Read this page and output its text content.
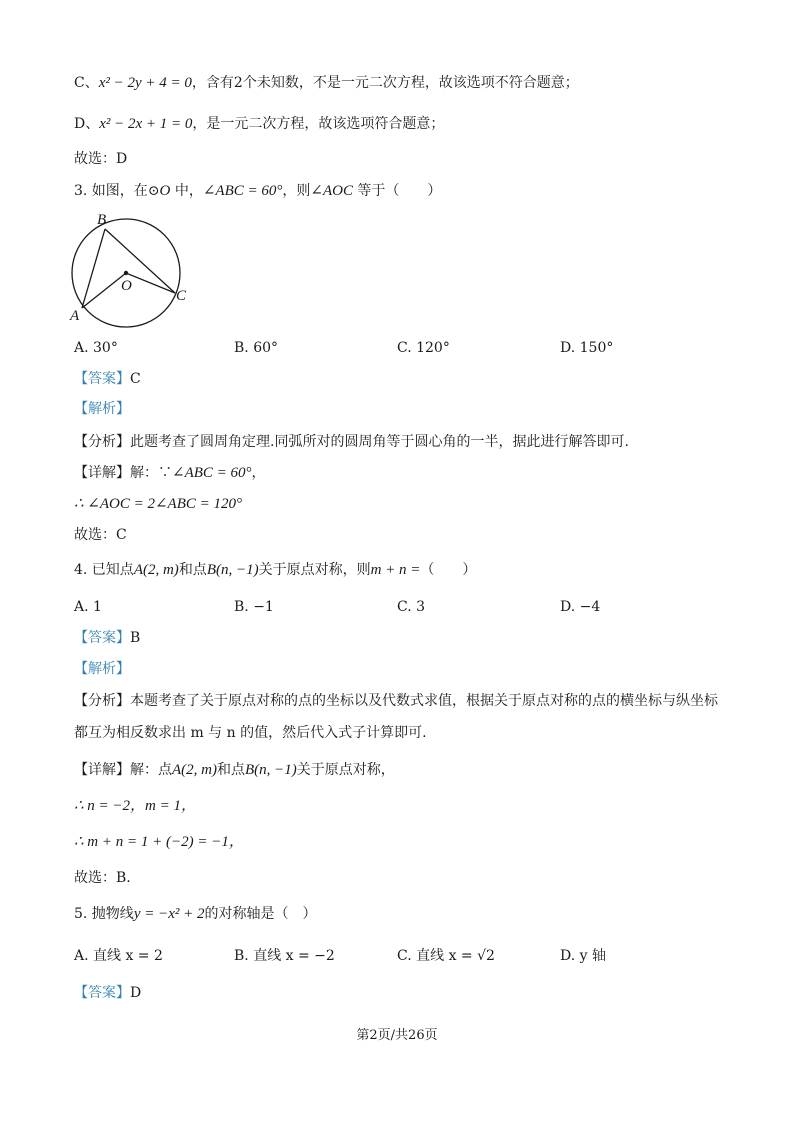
C、x² − 2y + 4 = 0，含有2个未知数，不是一元二次方程，故该选项不符合题意；
D、x² − 2x + 1 = 0，是一元二次方程，故该选项符合题意；
故选：D
3. 如图，在⊙O 中，∠ABC = 60°，则∠AOC 等于（　　）
B
O
A
C
A. 30°	B. 60°	C. 120°	D. 150°
【答案】C
【解析】
【分析】此题考查了圆周角定理.同弧所对的圆周角等于圆心角的一半，据此进行解答即可.
【详解】解：∵∠ABC = 60°，
∴ ∠AOC = 2∠ABC = 120°
故选：C
4. 已知点A(2, m)和点B(n, −1)关于原点对称，则m + n =（　　）
A. 1	B. −1	C. 3	D. −4
【答案】B
【解析】
【分析】本题考查了关于原点对称的点的坐标以及代数式求值，根据关于原点对称的点的横坐标与纵坐标
都互为相反数求出 m 与 n 的值，然后代入式子计算即可.
【详解】解：点A(2, m)和点B(n, −1)关于原点对称，
∴ n = −2，m = 1，
∴ m + n = 1 + (−2) = −1，
故选：B.
5. 抛物线y = −x² + 2的对称轴是（　）
A. 直线 x = 2	B. 直线 x = −2	C. 直线 x = √2	D. y 轴
【答案】D
第2页/共26页
